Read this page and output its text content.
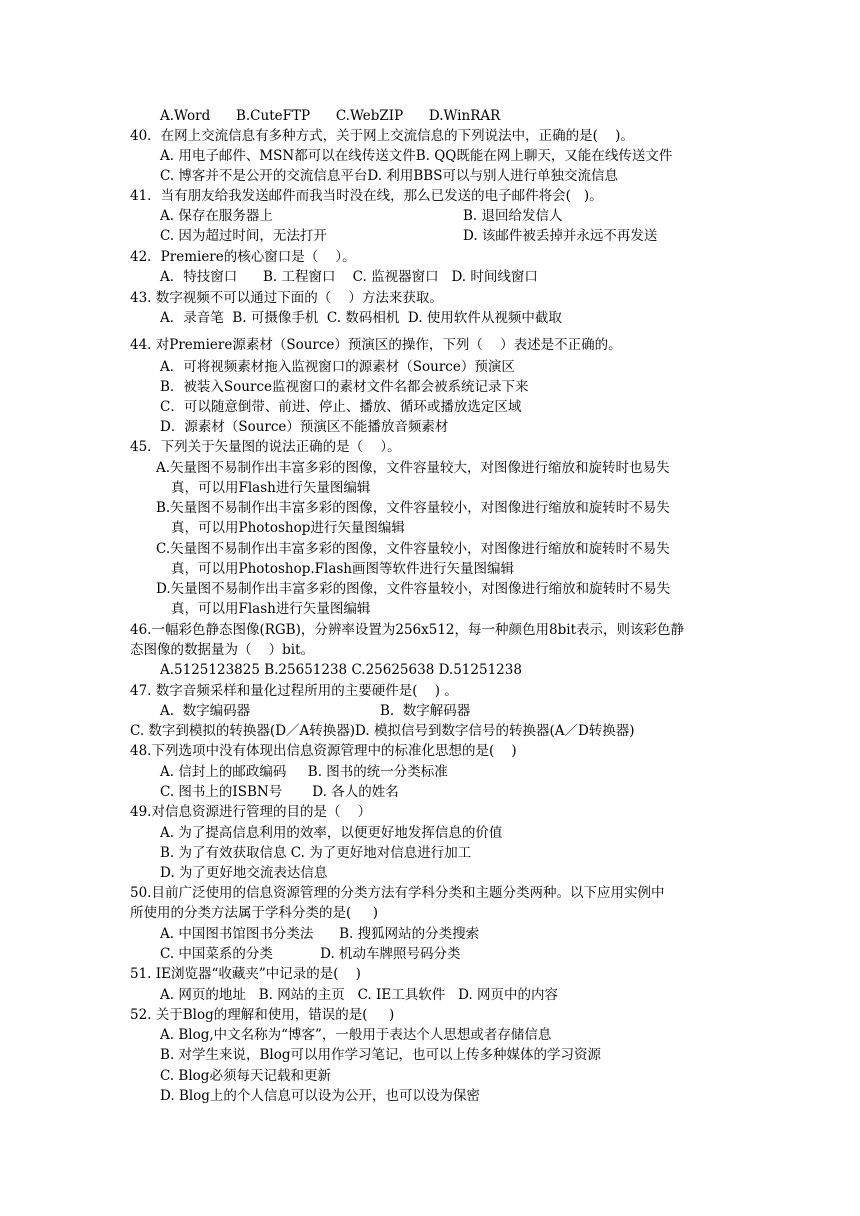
A.Word      B.CuteFTP      C.WebZIP      D.WinRAR
40．在网上交流信息有多种方式，关于网上交流信息的下列说法中，正确的是(    )。
A. 用电子邮件、MSN都可以在线传送文件B. QQ既能在网上聊天，又能在线传送文件
C. 博客并不是公开的交流信息平台D. 利用BBS可以与别人进行单独交流信息
41．当有朋友给我发送邮件而我当时没在线，那么已发送的电子邮件将会(   )。
A. 保存在服务器上	B. 退回给发信人
C. 因为超过时间，无法打开	D. 该邮件被丢掉并永远不再发送
42．Premiere的核心窗口是（    ）。
A．特技窗口      B. 工程窗口    C. 监视器窗口   D. 时间线窗口
43. 数字视频不可以通过下面的（    ）方法来获取。
A．录音笔  B. 可摄像手机  C. 数码相机  D. 使用软件从视频中截取
44. 对Premiere源素材（Source）预演区的操作，下列（    ）表述是不正确的。
A．可将视频素材拖入监视窗口的源素材（Source）预演区
B．被装入Source监视窗口的素材文件名都会被系统记录下来
C．可以随意倒带、前进、停止、播放、循环或播放选定区域
D．源素材（Source）预演区不能播放音频素材
45．下列关于矢量图的说法正确的是（    ）。
A.矢量图不易制作出丰富多彩的图像，文件容量较大，对图像进行缩放和旋转时也易失
真，可以用Flash进行矢量图编辑
B.矢量图不易制作出丰富多彩的图像，文件容量较小，对图像进行缩放和旋转时不易失
真，可以用Photoshop进行矢量图编辑
C.矢量图不易制作出丰富多彩的图像，文件容量较小，对图像进行缩放和旋转时不易失
真，可以用Photoshop.Flash画图等软件进行矢量图编辑
D.矢量图不易制作出丰富多彩的图像，文件容量较小，对图像进行缩放和旋转时不易失
真，可以用Flash进行矢量图编辑
46.一幅彩色静态图像(RGB)，分辨率设置为256x512，每一种颜色用8bit表示，则该彩色静
态图像的数据量为（    ）bit。
A.5125123825 B.25651238 C.25625638 D.51251238
47. 数字音频采样和量化过程所用的主要硬件是(    ) 。
A.  数字编码器	B.  数字解码器
C. 数字到模拟的转换器(D／A转换器)D. 模拟信号到数字信号的转换器(A／D转换器)
48.下列选项中没有体现出信息资源管理中的标准化思想的是(    )
A. 信封上的邮政编码     B. 图书的统一分类标准
C. 图书上的ISBN号       D. 各人的姓名
49.对信息资源进行管理的目的是（    ）
A. 为了提高信息利用的效率，以便更好地发挥信息的价值
B. 为了有效获取信息 C. 为了更好地对信息进行加工
D. 为了更好地交流表达信息
50.目前广泛使用的信息资源管理的分类方法有学科分类和主题分类两种。以下应用实例中
所使用的分类方法属于学科分类的是(     )
A. 中国图书馆图书分类法      B. 搜狐网站的分类搜索
C. 中国菜系的分类           D. 机动车牌照号码分类
51. IE浏览器“收藏夹”中记录的是(    )
A. 网页的地址   B. 网站的主页   C. IE工具软件   D. 网页中的内容
52. 关于Blog的理解和使用，错误的是(     )
A. Blog,中文名称为“博客”，一般用于表达个人思想或者存储信息
B. 对学生来说，Blog可以用作学习笔记，也可以上传多种媒体的学习资源
C. Blog必须每天记载和更新
D. Blog上的个人信息可以设为公开，也可以设为保密
